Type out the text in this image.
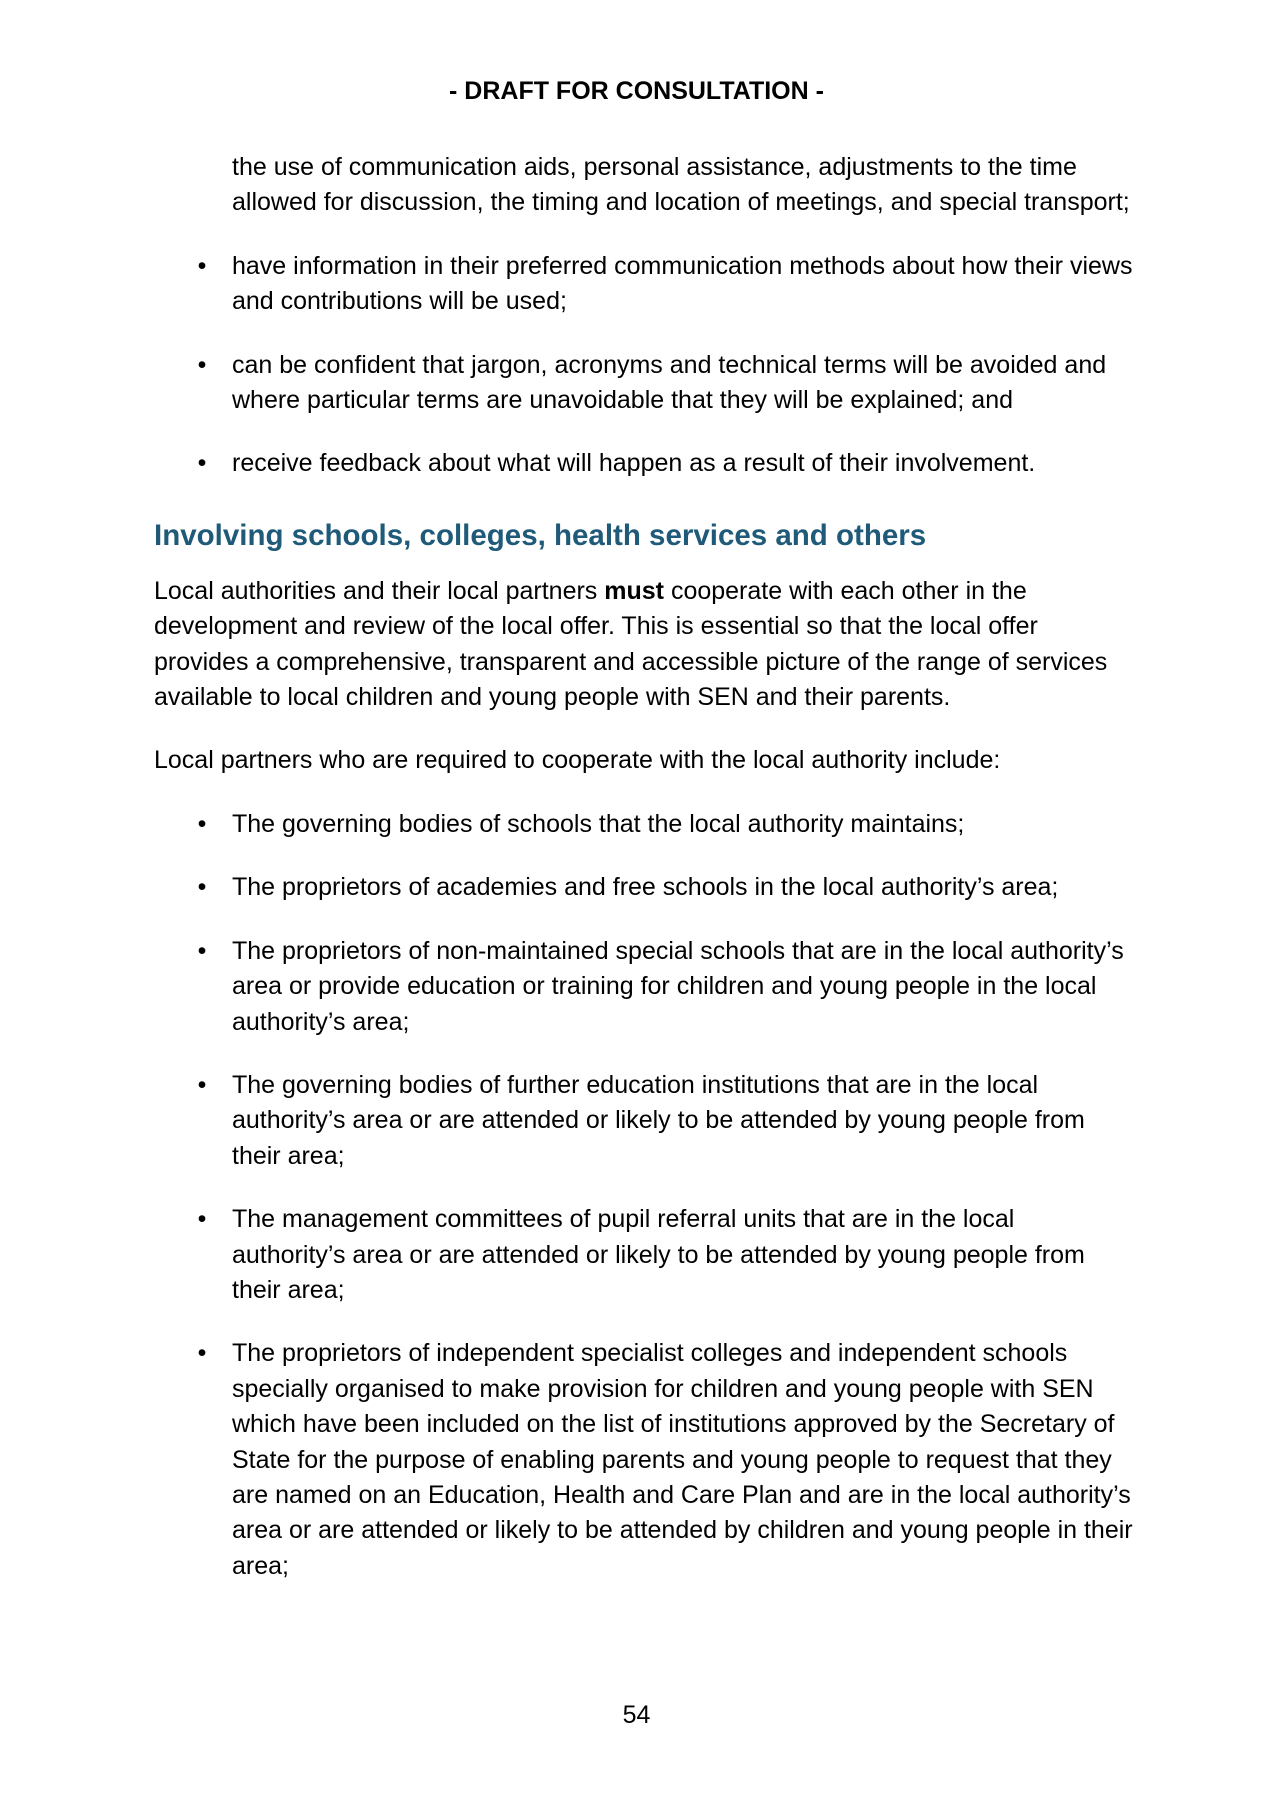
- DRAFT FOR CONSULTATION -

the use of communication aids, personal assistance, adjustments to the time allowed for discussion, the timing and location of meetings, and special transport;

• have information in their preferred communication methods about how their views and contributions will be used;
• can be confident that jargon, acronyms and technical terms will be avoided and where particular terms are unavoidable that they will be explained; and
• receive feedback about what will happen as a result of their involvement.
Involving schools, colleges, health services and others

Local authorities and their local partners must cooperate with each other in the development and review of the local offer. This is essential so that the local offer provides a comprehensive, transparent and accessible picture of the range of services available to local children and young people with SEN and their parents.

Local partners who are required to cooperate with the local authority include:

• The governing bodies of schools that the local authority maintains;
• The proprietors of academies and free schools in the local authority’s area;
• The proprietors of non-maintained special schools that are in the local authority’s area or provide education or training for children and young people in the local authority’s area;
• The governing bodies of further education institutions that are in the local authority’s area or are attended or likely to be attended by young people from their area;
• The management committees of pupil referral units that are in the local authority’s area or are attended or likely to be attended by young people from their area;
• The proprietors of independent specialist colleges and independent schools specially organised to make provision for children and young people with SEN which have been included on the list of institutions approved by the Secretary of State for the purpose of enabling parents and young people to request that they are named on an Education, Health and Care Plan and are in the local authority’s area or are attended or likely to be attended by children and young people in their area;
54
